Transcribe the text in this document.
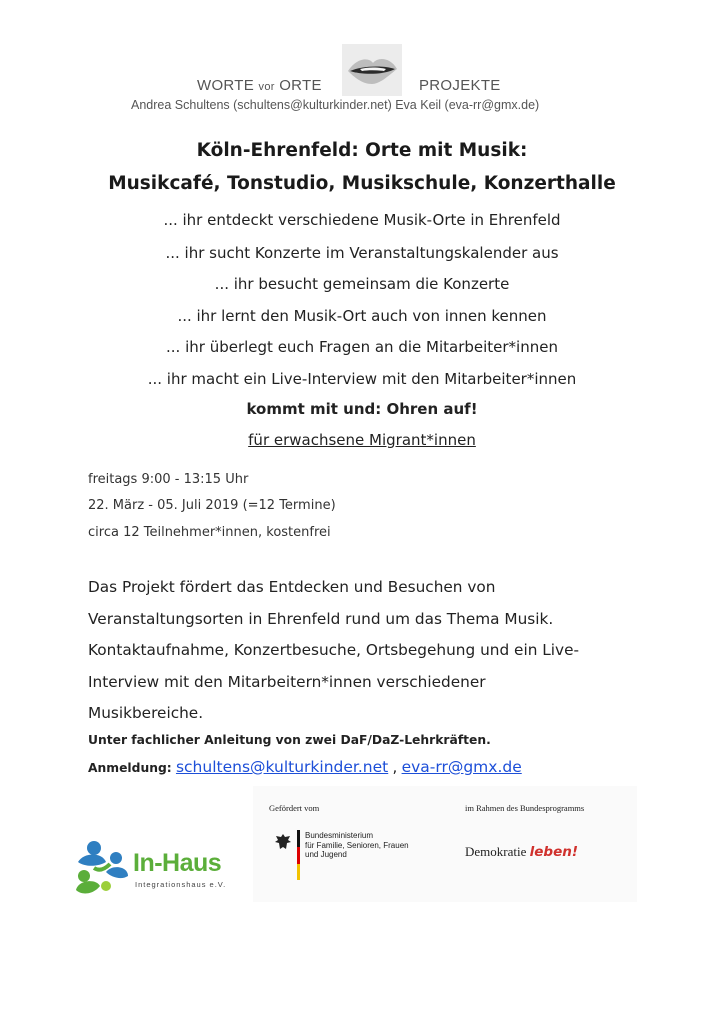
WORTE vor ORTE	PROJEKTE
Andrea Schultens (schultens@kulturkinder.net) Eva Keil (eva-rr@gmx.de)
Köln-Ehrenfeld: Orte mit Musik:
Musikcafé, Tonstudio, Musikschule, Konzerthalle
... ihr entdeckt verschiedene Musik-Orte in Ehrenfeld
... ihr sucht Konzerte im Veranstaltungskalender aus
... ihr besucht gemeinsam die Konzerte
... ihr lernt den Musik-Ort auch von innen kennen
... ihr überlegt euch Fragen an die Mitarbeiter*innen
... ihr macht ein Live-Interview mit den Mitarbeiter*innen
kommt mit und: Ohren auf!
für erwachsene Migrant*innen
freitags 9:00 - 13:15 Uhr
22. März - 05. Juli 2019 (=12 Termine)
circa 12 Teilnehmer*innen, kostenfrei
Das Projekt fördert das Entdecken und Besuchen von
Veranstaltungsorten in Ehrenfeld rund um das Thema Musik.
Kontaktaufnahme, Konzertbesuche, Ortsbegehung und ein Live-
Interview mit den Mitarbeitern*innen verschiedener
Musikbereiche.
Unter fachlicher Anleitung von zwei DaF/DaZ-Lehrkräften.
Anmeldung: schultens@kulturkinder.net , eva-rr@gmx.de
Gefördert vom
Bundesministerium
für Familie, Senioren, Frauen
und Jugend
im Rahmen des Bundesprogramms
Demokratie leben!
In-Haus
Integrationshaus e.V.
